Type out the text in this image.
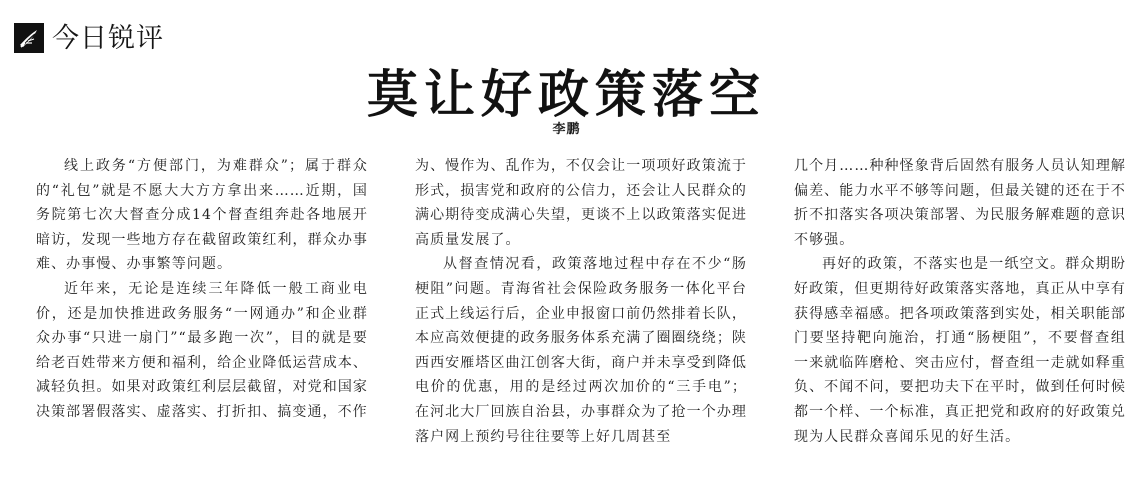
今日锐评
莫让好政策落空
李鹏

线上政务“方便部门，为难群众”；属于群众的“礼包”就是不愿大大方方拿出来……近期，国务院第七次大督查分成14个督查组奔赴各地展开暗访，发现一些地方存在截留政策红利，群众办事难、办事慢、办事繁等问题。

近年来，无论是连续三年降低一般工商业电价，还是加快推进政务服务“一网通办”和企业群众办事“只进一扇门”“最多跑一次”，目的就是要给老百姓带来方便和福利，给企业降低运营成本、减轻负担。如果对政策红利层层截留，对党和国家决策部署假落实、虚落实、打折扣、搞变通，不作

为、慢作为、乱作为，不仅会让一项项好政策流于形式，损害党和政府的公信力，还会让人民群众的满心期待变成满心失望，更谈不上以政策落实促进高质量发展了。

从督查情况看，政策落地过程中存在不少“肠梗阻”问题。青海省社会保险政务服务一体化平台正式上线运行后，企业申报窗口前仍然排着长队，本应高效便捷的政务服务体系充满了圈圈绕绕；陕西西安雁塔区曲江创客大街，商户并未享受到降低电价的优惠，用的是经过两次加价的“三手电”；在河北大厂回族自治县，办事群众为了抢一个办理落户网上预约号往往要等上好几周甚至

几个月……种种怪象背后固然有服务人员认知理解偏差、能力水平不够等问题，但最关键的还在于不折不扣落实各项决策部署、为民服务解难题的意识不够强。

再好的政策，不落实也是一纸空文。群众期盼好政策，但更期待好政策落实落地，真正从中享有获得感幸福感。把各项政策落到实处，相关职能部门要坚持靶向施治，打通“肠梗阻”，不要督查组一来就临阵磨枪、突击应付，督查组一走就如释重负、不闻不问，要把功夫下在平时，做到任何时候都一个样、一个标准，真正把党和政府的好政策兑现为人民群众喜闻乐见的好生活。
